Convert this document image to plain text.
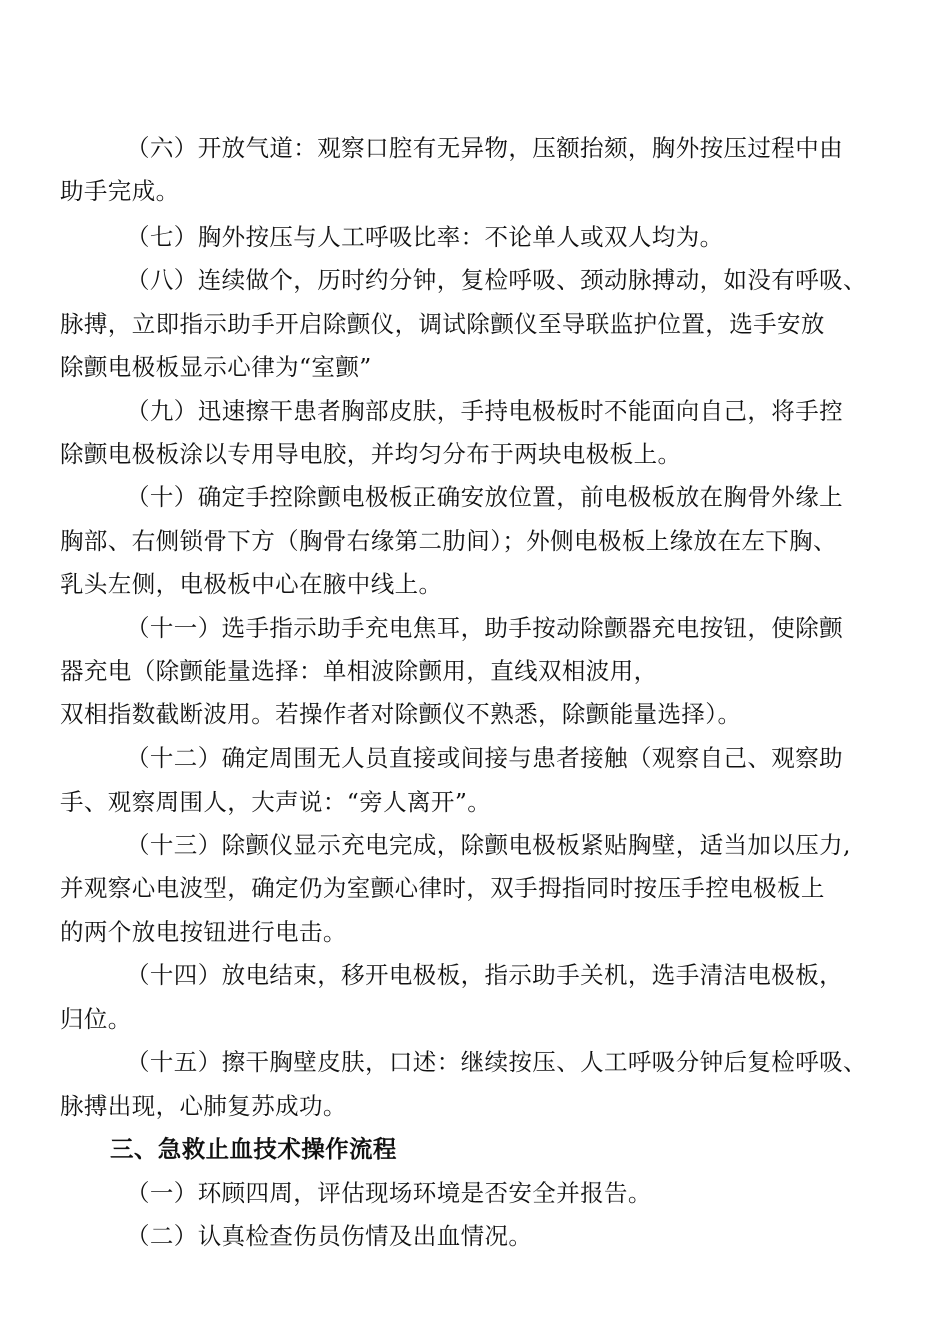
（六）开放气道：观察口腔有无异物，压额抬颏，胸外按压过程中由
助手完成。
（七）胸外按压与人工呼吸比率：不论单人或双人均为。
（八）连续做个，历时约分钟，复检呼吸、颈动脉搏动，如没有呼吸、
脉搏，立即指示助手开启除颤仪，调试除颤仪至导联监护位置，选手安放
除颤电极板显示心律为“室颤”
（九）迅速擦干患者胸部皮肤，手持电极板时不能面向自己，将手控
除颤电极板涂以专用导电胶，并均匀分布于两块电极板上。
（十）确定手控除颤电极板正确安放位置，前电极板放在胸骨外缘上
胸部、右侧锁骨下方（胸骨右缘第二肋间）；外侧电极板上缘放在左下胸、
乳头左侧，电极板中心在腋中线上。
（十一）选手指示助手充电焦耳，助手按动除颤器充电按钮，使除颤
器充电（除颤能量选择：单相波除颤用，直线双相波用，
双相指数截断波用。若操作者对除颤仪不熟悉，除颤能量选择）。
（十二）确定周围无人员直接或间接与患者接触（观察自己、观察助
手、观察周围人，大声说：“旁人离开”。
（十三）除颤仪显示充电完成，除颤电极板紧贴胸壁，适当加以压力,
并观察心电波型，确定仍为室颤心律时，双手拇指同时按压手控电极板上
的两个放电按钮进行电击。
（十四）放电结束，移开电极板，指示助手关机，选手清洁电极板，
归位。
（十五）擦干胸壁皮肤，口述：继续按压、人工呼吸分钟后复检呼吸、
脉搏出现，心肺复苏成功。
三、急救止血技术操作流程
（一）环顾四周，评估现场环境是否安全并报告。
（二）认真检查伤员伤情及出血情况。
